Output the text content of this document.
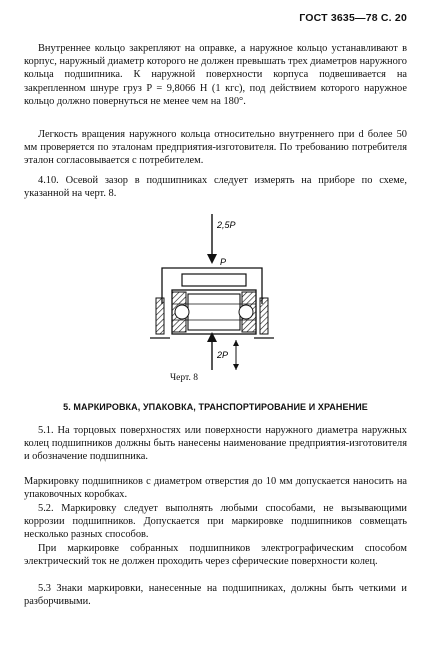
ГОСТ 3635—78 С. 20

Внутреннее кольцо закрепляют на оправке, а наружное кольцо устанавливают в корпус, наружный диаметр которого не должен превышать трех диаметров наружного кольца подшипника. К наружной поверхности корпуса подвешивается на закрепленном шнуре груз P = 9,8066 Н (1 кгс), под действием которого наружное кольцо должно повернуться не менее чем на 180°.

Легкость вращения наружного кольца относительно внутреннего при d более 50 мм проверяется по эталонам предприятия-изготовителя. По требованию потребителя эталон согласовывается с потребителем.

4.10. Осевой зазор в подшипниках следует измерять на приборе по схеме, указанной на черт. 8.

2,5P
P
2P
Черт. 8
5. МАРКИРОВКА, УПАКОВКА, ТРАНСПОРТИРОВАНИЕ И ХРАНЕНИЕ

5.1. На торцовых поверхностях или поверхности наружного диаметра наружных колец подшипников должны быть нанесены наименование предприятия-изготовителя и обозначение подшипника.

Маркировку подшипников с диаметром отверстия до 10 мм допускается наносить на упаковочных коробках.

5.2. Маркировку следует выполнять любыми способами, не вызывающими коррозии подшипников. Допускается при маркировке подшипников совмещать несколько разных способов.

При маркировке собранных подшипников электрографическим способом электрический ток не должен проходить через сферические поверхности колец.

5.3 Знаки маркировки, нанесенные на подшипниках, должны быть четкими и разборчивыми.
